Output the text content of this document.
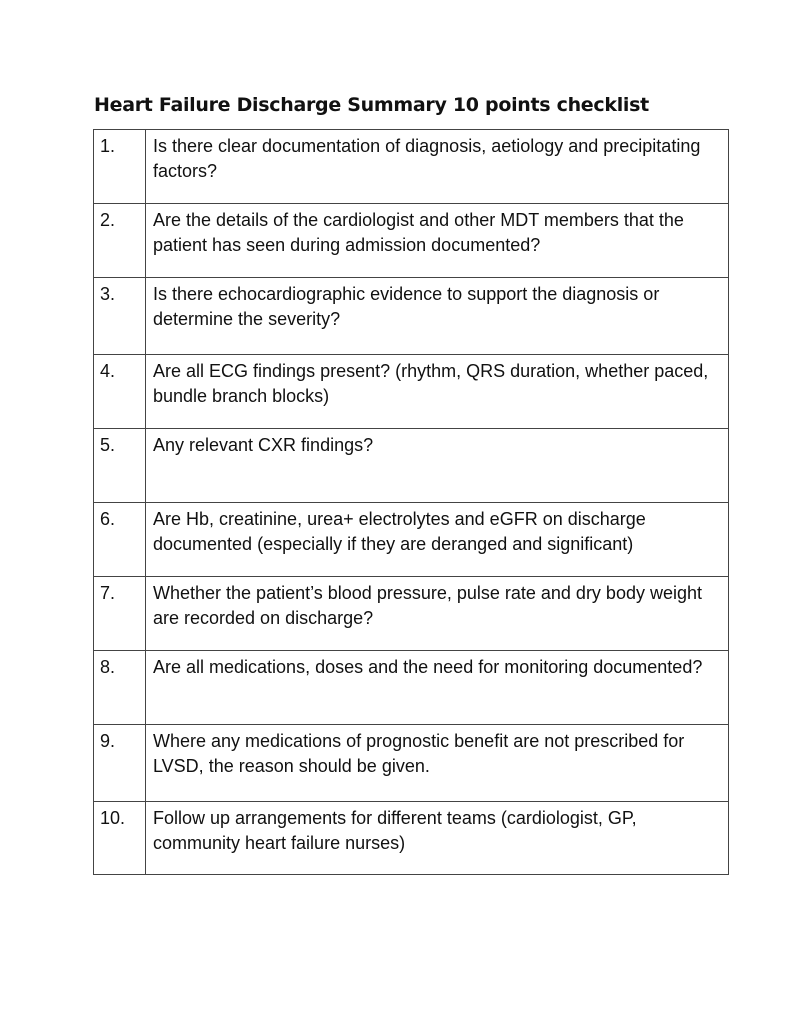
Heart Failure Discharge Summary 10 points checklist
1.	Is there clear documentation of diagnosis, aetiology and precipitating factors?
2.	Are the details of the cardiologist and other MDT members that the patient has seen during admission documented?
3.	Is there echocardiographic evidence to support the diagnosis or determine the severity?
4.	Are all ECG findings present? (rhythm, QRS duration, whether paced, bundle branch blocks)
5.	Any relevant CXR findings?
6.	Are Hb, creatinine, urea+ electrolytes and eGFR on discharge documented (especially if they are deranged and significant)
7.	Whether the patient’s blood pressure, pulse rate and dry body weight are recorded on discharge?
8.	Are all medications, doses and the need for monitoring documented?
9.	Where any medications of prognostic benefit are not prescribed for LVSD, the reason should be given.
10.	Follow up arrangements for different teams (cardiologist, GP, community heart failure nurses)
